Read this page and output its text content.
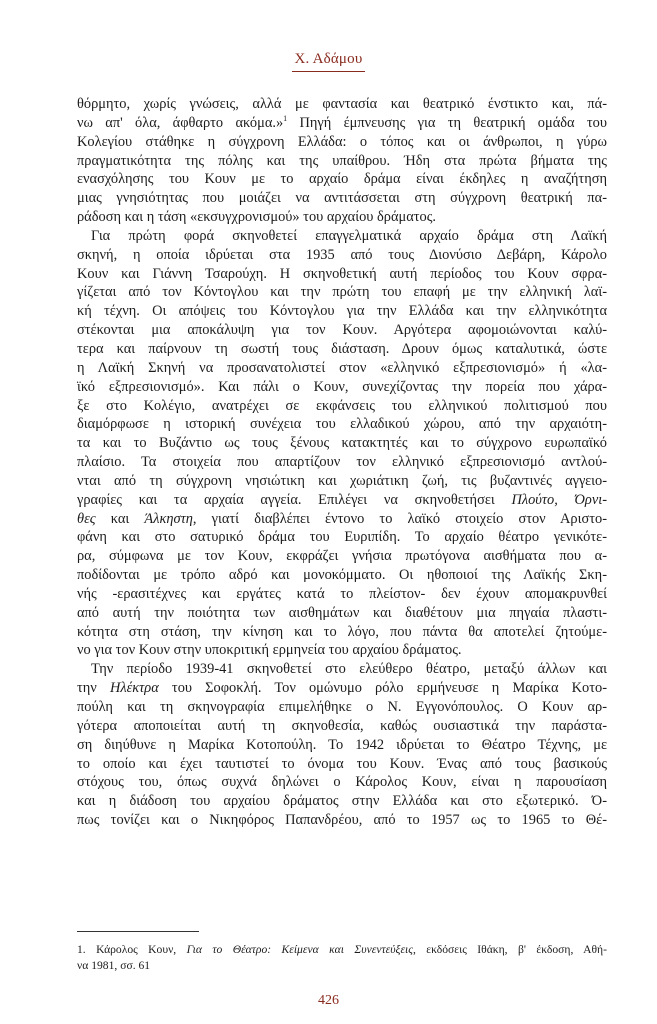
Χ. Αδάμου
θόρμητο, χωρίς γνώσεις, αλλά με φαντασία και θεατρικό ένστικτο και, πά-
νω απ' όλα, άφθαρτο ακόμα.»$^1$ Πηγή έμπνευσης για τη θεατρική ομάδα του
Κολεγίου στάθηκε η σύγχρονη Ελλάδα: ο τόπος και οι άνθρωποι, η γύρω
πραγματικότητα της πόλης και της υπαίθρου. Ήδη στα πρώτα βήματα της
ενασχόλησης του Κουν με το αρχαίο δράμα είναι έκδηλες η αναζήτηση
μιας γνησιότητας που μοιάζει να αντιτάσσεται στη σύγχρονη θεατρική πα-
ράδοση και η τάση «εκσυγχρονισμού» του αρχαίου δράματος.
Για πρώτη φορά σκηνοθετεί επαγγελματικά αρχαίο δράμα στη Λαϊκή
σκηνή, η οποία ιδρύεται στα 1935 από τους Διονύσιο Δεβάρη, Κάρολο
Κουν και Γιάννη Τσαρούχη. Η σκηνοθετική αυτή περίοδος του Κουν σφρα-
γίζεται από τον Κόντογλου και την πρώτη του επαφή με την ελληνική λαϊ-
κή τέχνη. Οι απόψεις του Κόντογλου για την Ελλάδα και την ελληνικότητα
στέκονται μια αποκάλυψη για τον Κουν. Αργότερα αφομοιώνονται καλύ-
τερα και παίρνουν τη σωστή τους διάσταση. Δρουν όμως καταλυτικά, ώστε
η Λαϊκή Σκηνή να προσανατολιστεί στον «ελληνικό εξπρεσιονισμό» ή «λα-
ϊκό εξπρεσιονισμό». Και πάλι ο Κουν, συνεχίζοντας την πορεία που χάρα-
ξε στο Κολέγιο, ανατρέχει σε εκφάνσεις του ελληνικού πολιτισμού που
διαμόρφωσε η ιστορική συνέχεια του ελλαδικού χώρου, από την αρχαιότη-
τα και το Βυζάντιο ως τους ξένους κατακτητές και το σύγχρονο ευρωπαϊκό
πλαίσιο. Τα στοιχεία που απαρτίζουν τον ελληνικό εξπρεσιονισμό αντλού-
νται από τη σύγχρονη νησιώτικη και χωριάτικη ζωή, τις βυζαντινές αγγειο-
γραφίες και τα αρχαία αγγεία. Επιλέγει να σκηνοθετήσει Πλούτο, Όρνι-
θες και Άλκηστη, γιατί διαβλέπει έντονο το λαϊκό στοιχείο στον Αριστο-
φάνη και στο σατυρικό δράμα του Ευριπίδη. Το αρχαίο θέατρο γενικότε-
ρα, σύμφωνα με τον Κουν, εκφράζει γνήσια πρωτόγονα αισθήματα που α-
ποδίδονται με τρόπο αδρό και μονοκόμματο. Οι ηθοποιοί της Λαϊκής Σκη-
νής -ερασιτέχνες και εργάτες κατά το πλείστον- δεν έχουν απομακρυνθεί
από αυτή την ποιότητα των αισθημάτων και διαθέτουν μια πηγαία πλαστι-
κότητα στη στάση, την κίνηση και το λόγο, που πάντα θα αποτελεί ζητούμε-
νο για τον Κουν στην υποκριτική ερμηνεία του αρχαίου δράματος.
Την περίοδο 1939-41 σκηνοθετεί στο ελεύθερο θέατρο, μεταξύ άλλων και
την Ηλέκτρα του Σοφοκλή. Τον ομώνυμο ρόλο ερμήνευσε η Μαρίκα Κοτο-
πούλη και τη σκηνογραφία επιμελήθηκε ο Ν. Εγγονόπουλος. Ο Κουν αρ-
γότερα αποποιείται αυτή τη σκηνοθεσία, καθώς ουσιαστικά την παράστα-
ση διηύθυνε η Μαρίκα Κοτοπούλη. Το 1942 ιδρύεται το Θέατρο Τέχνης, με
το οποίο και έχει ταυτιστεί το όνομα του Κουν. Ένας από τους βασικούς
στόχους του, όπως συχνά δηλώνει ο Κάρολος Κουν, είναι η παρουσίαση
και η διάδοση του αρχαίου δράματος στην Ελλάδα και στο εξωτερικό. Ό-
πως τονίζει και ο Νικηφόρος Παπανδρέου, από το 1957 ως το 1965 το Θέ-
1. Κάρολος Κουν, Για το Θέατρο: Κείμενα και Συνεντεύξεις, εκδόσεις Ιθάκη, β' έκδοση, Αθή-
να 1981, σσ. 61
426
